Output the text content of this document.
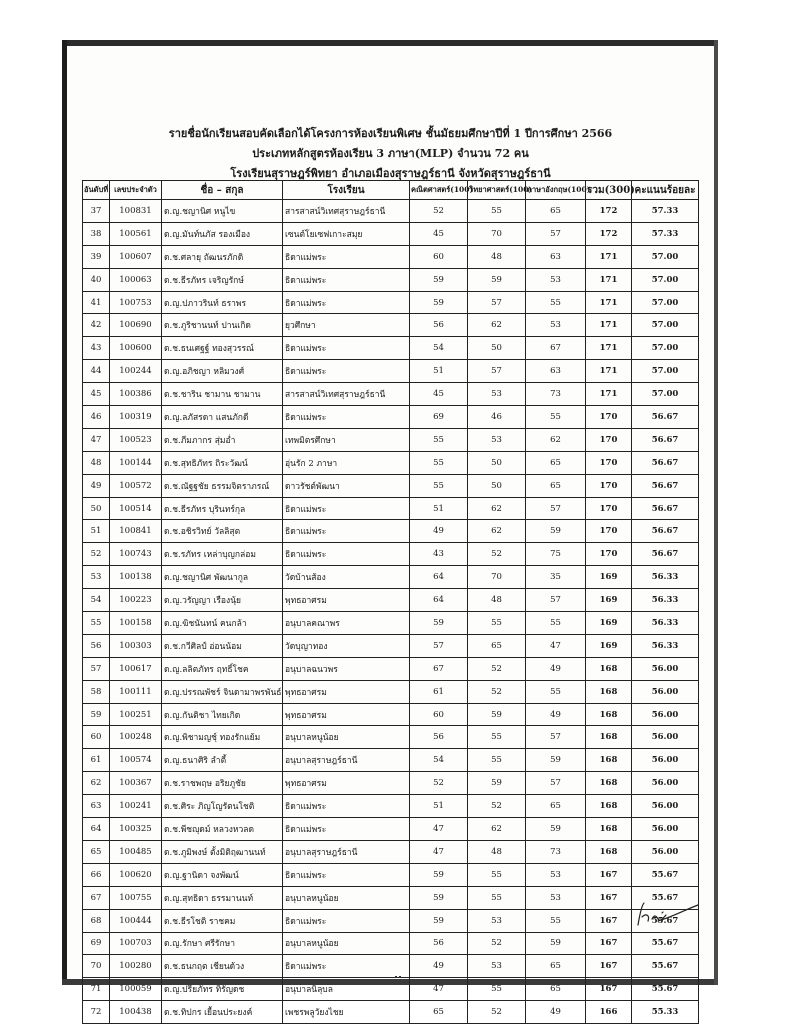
รายชื่อนักเรียนสอบคัดเลือกได้โครงการห้องเรียนพิเศษ ชั้นมัธยมศึกษาปีที่ 1 ปีการศึกษา 2566
ประเภทหลักสูตรห้องเรียน 3 ภาษา(MLP) จำนวน 72 คน
โรงเรียนสุราษฎร์พิทยา อำเภอเมืองสุราษฎร์ธานี จังหวัดสุราษฎร์ธานี
อันดับที่	เลขประจำตัว	ชื่อ – สกุล	โรงเรียน	คณิตศาสตร์(100)	วิทยาศาสตร์(100)	ภาษาอังกฤษ(100)	รวม(300)	คะแนนร้อยละ
37	100831	ด.ญ.ชญานิศ หนูไข	สารสาสน์วิเทศสุราษฎร์ธานี	52	55	65	172	57.33
38	100561	ด.ญ.มันท์นภัส รองเมือง	เซนต์โยเซฟเกาะสมุย	45	70	57	172	57.33
39	100607	ด.ช.ศลายุ ถัฒนรภักดิ	ธิดาแม่พระ	60	48	63	171	57.00
40	100063	ด.ช.ธีรภัทร เจริญรักษ์	ธิดาแม่พระ	59	59	53	171	57.00
41	100753	ด.ญ.ปภาวรินท์ ธราพร	ธิดาแม่พระ	59	57	55	171	57.00
42	100690	ด.ช.ภูริชานนท์ ปานเกิด	ยุวศึกษา	56	62	53	171	57.00
43	100600	ด.ช.ธนเศฐฐ์ ทองสุวรรณ์	ธิดาแม่พระ	54	50	67	171	57.00
44	100244	ด.ญ.อภิชญา หลิมวงศ์	ธิดาแม่พระ	51	57	63	171	57.00
45	100386	ด.ช.ชาริน ชามาน ชามาน	สารสาสน์วิเทศสุราษฎร์ธานี	45	53	73	171	57.00
46	100319	ด.ญ.ลภัสรดา แสนภักดี	ธิดาแม่พระ	69	46	55	170	56.67
47	100523	ด.ช.ภีมภากร สุ่มอ่ำ	เทพมิตรศึกษา	55	53	62	170	56.67
48	100144	ด.ช.สุทธิภัทร ถิระวัฒน์	อุ่นรัก 2 ภาษา	55	50	65	170	56.67
49	100572	ด.ช.ณัฐฐชัย ธรรมจิตราภรณ์	ดาวรัชต์พัฒนา	55	50	65	170	56.67
50	100514	ด.ช.ธีรภัทร บุรินทร์กุล	ธิดาแม่พระ	51	62	57	170	56.67
51	100841	ด.ช.อชิรวิทย์ วัลลิสุต	ธิดาแม่พระ	49	62	59	170	56.67
52	100743	ด.ช.รภัทร เหล่าบุญกล่อม	ธิดาแม่พระ	43	52	75	170	56.67
53	100138	ด.ญ.ชญานิศ พัฒนากูล	วัดบ้านส้อง	64	70	35	169	56.33
54	100223	ด.ญ.วรัญญา เรืองนุ้ย	พุทธอาศรม	64	48	57	169	56.33
55	100158	ด.ญ.ฆิชนันทน์ คนกล้า	อนุบาลคณาพร	59	55	55	169	56.33
56	100303	ด.ช.กวีศิลป์ อ่อนน้อม	วัดบุญาทอง	57	65	47	169	56.33
57	100617	ด.ญ.ลลิตภัทร ฤทธิ์โชค	อนุบาลฉนวพร	67	52	49	168	56.00
58	100111	ด.ญ.ปรรณพัชร์ จินดามาพรพันธ์	พุทธอาศรม	61	52	55	168	56.00
59	100251	ด.ญ.กันติชา ไทยเกิด	พุทธอาศรม	60	59	49	168	56.00
60	100248	ด.ญ.พิชามญชุ์ ทองรักแย้ม	อนุบาลหนูน้อย	56	55	57	168	56.00
61	100574	ด.ญ.ธนาศิริ ลำตี้	อนุบาลสุราษฎร์ธานี	54	55	59	168	56.00
62	100367	ด.ช.ราชพฤษ อริยภูชัย	พุทธอาศรม	52	59	57	168	56.00
63	100241	ด.ช.ศิระ ภิญโญรัตนโชติ	ธิดาแม่พระ	51	52	65	168	56.00
64	100325	ด.ช.พีชญุดม์ หลวงหวลด	ธิดาแม่พระ	47	62	59	168	56.00
65	100485	ด.ช.ภูมิพงษ์ ตั้งมิติฤฒานนท์	อนุบาลสุราษฎร์ธานี	47	48	73	168	56.00
66	100620	ด.ญ.ฐานิดา จงพัฒน์	ธิดาแม่พระ	59	55	53	167	55.67
67	100755	ด.ญ.สุทธิดา ธรรมานนท์	อนุบาลหนูน้อย	59	55	53	167	55.67
68	100444	ด.ช.ธีรโชติ ราชคม	ธิดาแม่พระ	59	53	55	167	55.67
69	100703	ด.ญ.รักษา ศรีรักษา	อนุบาลหนูน้อย	56	52	59	167	55.67
70	100280	ด.ช.ธนกฤต เชียนด้วง	ธิดาแม่พระ	49	53	65	167	55.67
71	100059	ด.ญ.ปรียภัทร ทิรัญดช	อนุบาลนิลุบล	47	55	65	167	55.67
72	100438	ด.ช.ทิปกร เยื้อนประยงค์	เพชรพลูวัยงไชย	65	52	49	166	55.33
